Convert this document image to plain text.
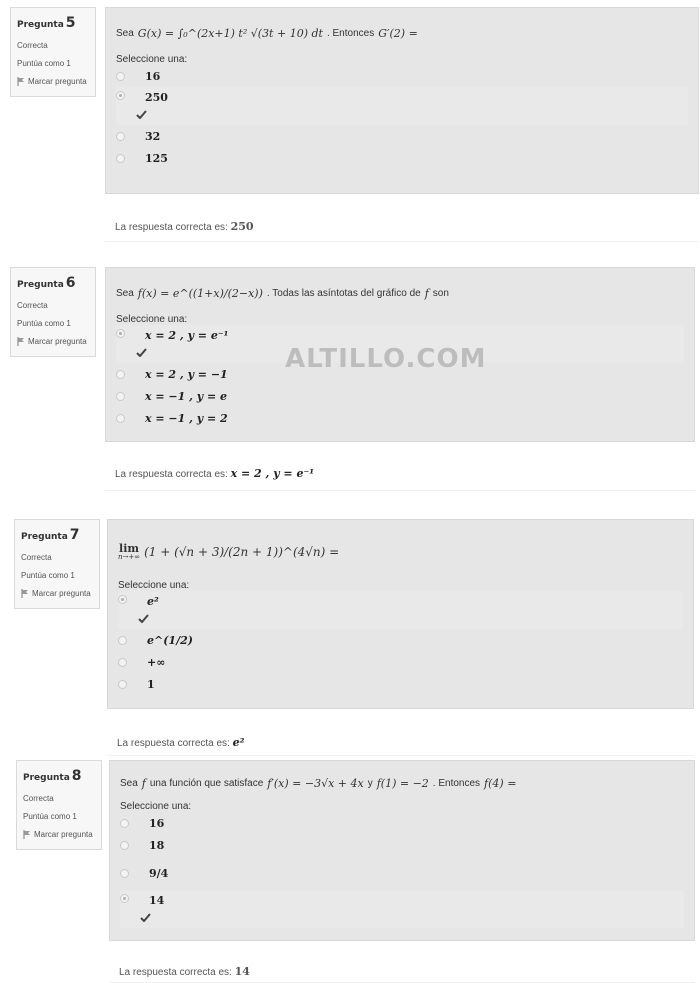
Pregunta 5
Correcta
Puntúa como 1
Marcar pregunta
Sea G(x) = ∫₀^(2x+1) t² √(3t + 10) dt . Entonces G′(2) =
Seleccione una:
16
250
32
125
La respuesta correcta es: 250
Pregunta 6
Correcta
Puntúa como 1
Marcar pregunta
Sea f(x) = e^((1+x)/(2−x)) . Todas las asíntotas del gráfico de f son
Seleccione una:
x = 2 , y = e⁻¹
x = 2 , y = −1
x = −1 , y = e
x = −1 , y = 2
La respuesta correcta es: x = 2 , y = e⁻¹
ALTILLO.COM
Pregunta 7
Correcta
Puntúa como 1
Marcar pregunta
lim
n→+∞ (1 + (√n + 3)/(2n + 1))^(4√n) =
Seleccione una:
e²
e^(1/2)
+∞
1
La respuesta correcta es: e²
Pregunta 8
Correcta
Puntúa como 1
Marcar pregunta
Sea f una función que satisface f′(x) = −3√x + 4x y f(1) = −2 . Entonces f(4) =
Seleccione una:
16
18
9/4
14
La respuesta correcta es: 14
